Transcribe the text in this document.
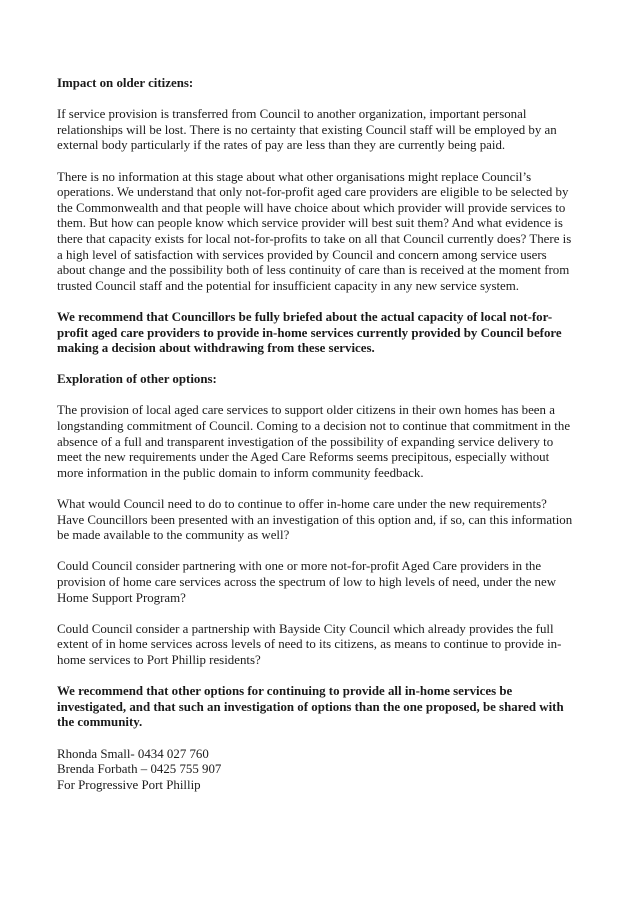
Impact on older citizens:

If service provision is transferred from Council to another organization, important personal relationships will be lost. There is no certainty that existing Council staff will be employed by an external body particularly if the rates of pay are less than they are currently being paid.

There is no information at this stage about what other organisations might replace Council’s operations. We understand that only not-for-profit aged care providers are eligible to be selected by the Commonwealth and that people will have choice about which provider will provide services to them. But how can people know which service provider will best suit them? And what evidence is there that capacity exists for local not-for-profits to take on all that Council currently does? There is a high level of satisfaction with services provided by Council and concern among service users about change and the possibility both of less continuity of care than is received at the moment from trusted Council staff and the potential for insufficient capacity in any new service system.

We recommend that Councillors be fully briefed about the actual capacity of local not-for-profit aged care providers to provide in-home services currently provided by Council before making a decision about withdrawing from these services.

Exploration of other options:

The provision of local aged care services to support older citizens in their own homes has been a longstanding commitment of Council. Coming to a decision not to continue that commitment in the absence of a full and transparent investigation of the possibility of expanding service delivery to meet the new requirements under the Aged Care Reforms seems precipitous, especially without more information in the public domain to inform community feedback.

What would Council need to do to continue to offer in-home care under the new requirements? Have Councillors been presented with an investigation of this option and, if so, can this information be made available to the community as well?

Could Council consider partnering with one or more not-for-profit Aged Care providers in the provision of home care services across the spectrum of low to high levels of need, under the new Home Support Program?

Could Council consider a partnership with Bayside City Council which already provides the full extent of in home services across levels of need to its citizens, as means to continue to provide in-home services to Port Phillip residents?

We recommend that other options for continuing to provide all in-home services be investigated, and that such an investigation of options than the one proposed, be shared with the community.

Rhonda Small- 0434 027 760
Brenda Forbath – 0425 755 907
For Progressive Port Phillip
